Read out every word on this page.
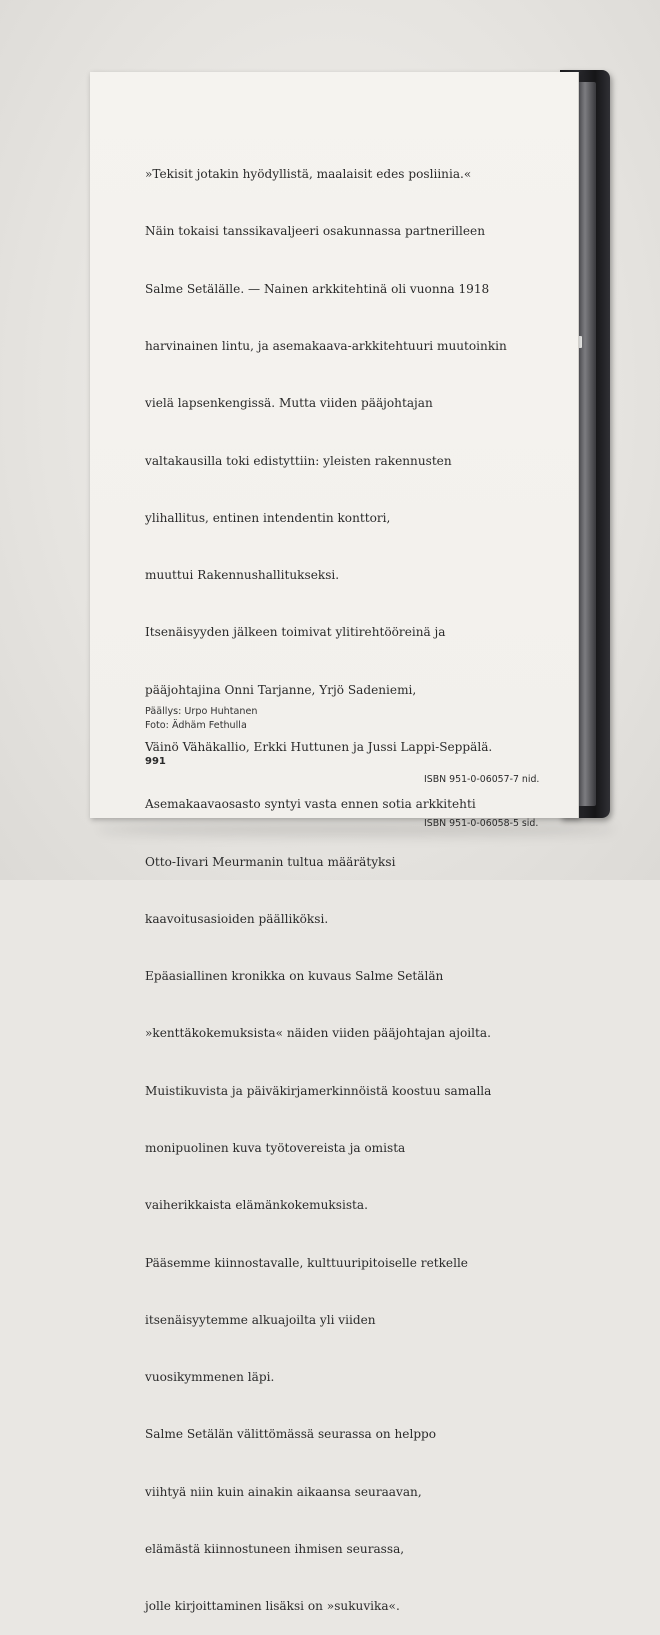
»Tekisit jotakin hyödyllistä, maalaisit edes posliinia.«

Näin tokaisi tanssikavaljeeri osakunnassa partnerilleen

Salme Setälälle. — Nainen arkkitehtinä oli vuonna 1918

harvinainen lintu, ja asemakaava-arkkitehtuuri muutoinkin

vielä lapsenkengissä. Mutta viiden pääjohtajan

valtakausilla toki edistyttiin: yleisten rakennusten

ylihallitus, entinen intendentin konttori,

muuttui Rakennushallitukseksi.

Itsenäisyyden jälkeen toimivat ylitirehtööreinä ja

pääjohtajina Onni Tarjanne, Yrjö Sadeniemi,

Väinö Vähäkallio, Erkki Huttunen ja Jussi Lappi-Seppälä.

Asemakaavaosasto syntyi vasta ennen sotia arkkitehti

Otto-Iivari Meurmanin tultua määrätyksi

kaavoitusasioiden päälliköksi.

Epäasiallinen kronikka on kuvaus Salme Setälän

»kenttäkokemuksista« näiden viiden pääjohtajan ajoilta.

Muistikuvista ja päiväkirjamerkinnöistä koostuu samalla

monipuolinen kuva työtovereista ja omista

vaiherikkaista elämänkokemuksista.

Pääsemme kiinnostavalle, kulttuuripitoiselle retkelle

itsenäisyytemme alkuajoilta yli viiden

vuosikymmenen läpi.

Salme Setälän välittömässä seurassa on helppo

viihtyä niin kuin ainakin aikaansa seuraavan,

elämästä kiinnostuneen ihmisen seurassa,

jolle kirjoittaminen lisäksi on »sukuvika«.

Päällys: Urpo Huhtanen
Foto: Ädhäm Fethulla
991

ISBN 951-0-06057-7 nid.

ISBN 951-0-06058-5 sid.
